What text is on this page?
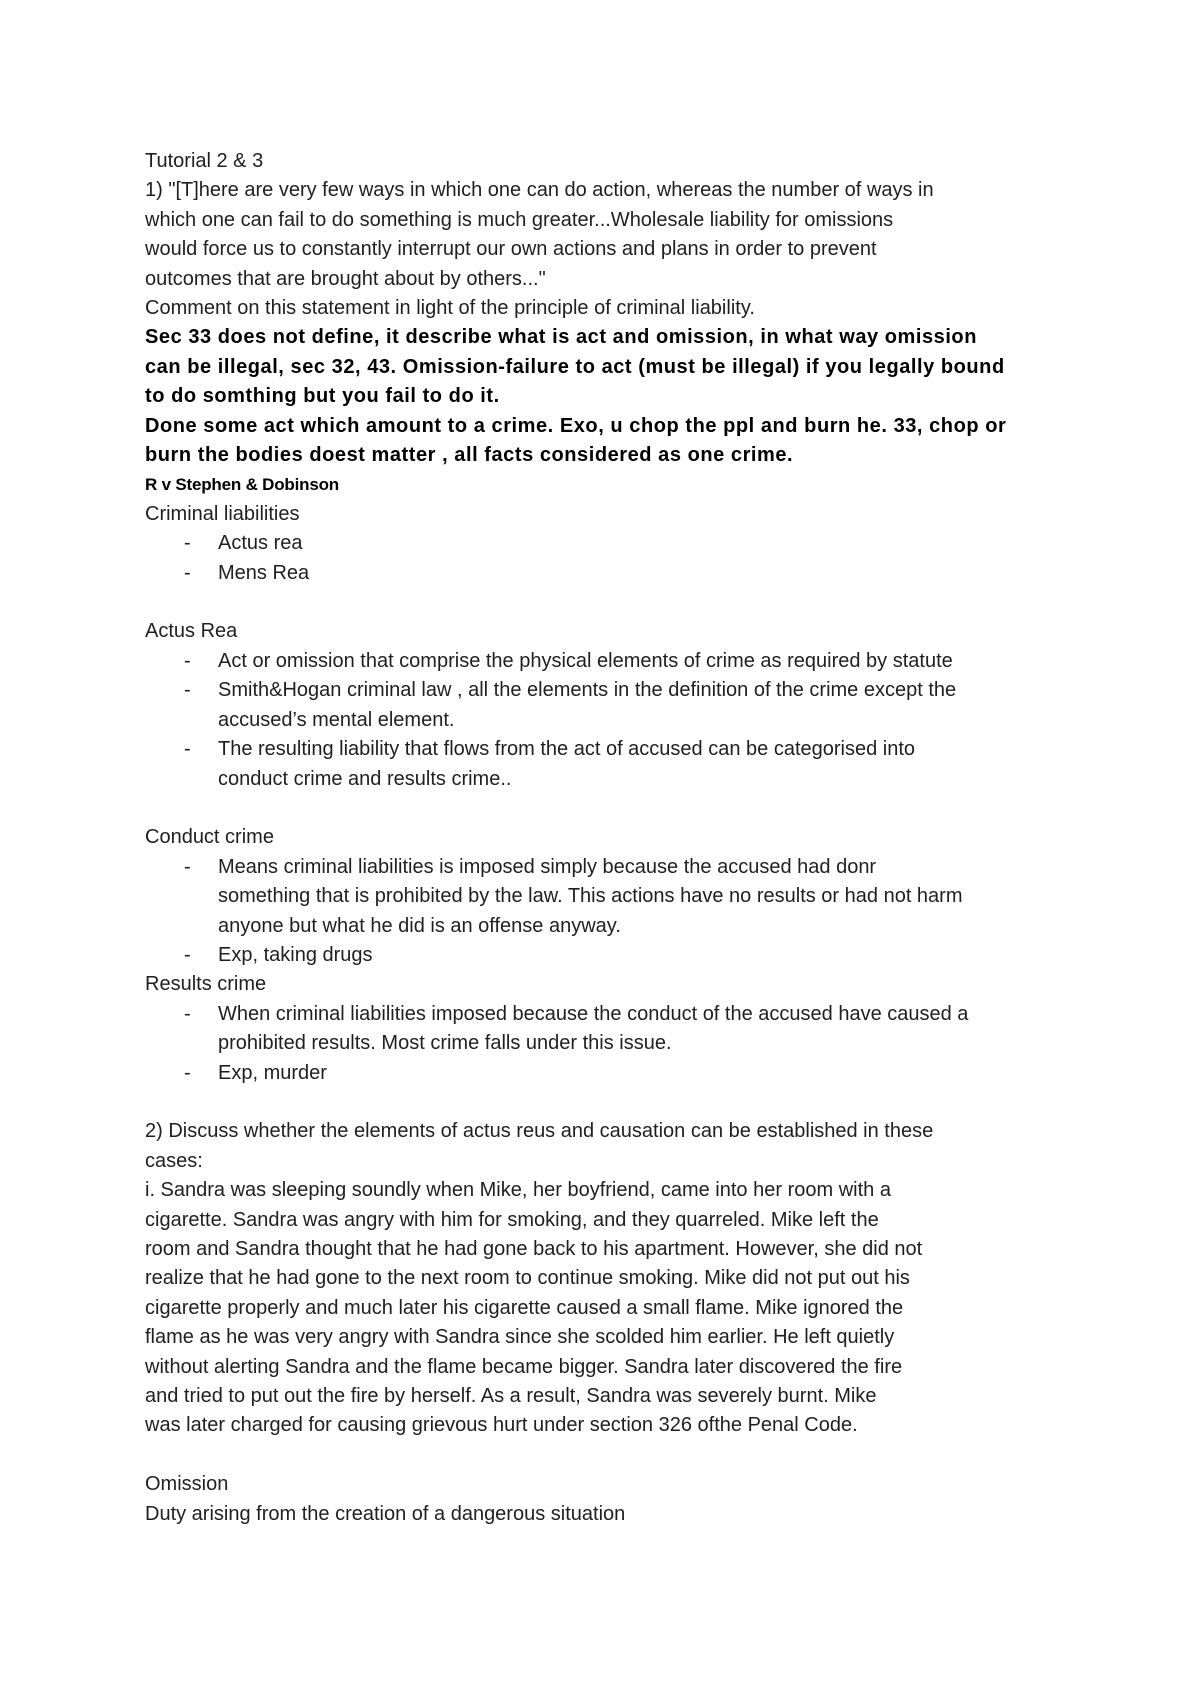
Tutorial 2 & 3

1) "[T]here are very few ways in which one can do action, whereas the number of ways in

which one can fail to do something is much greater...Wholesale liability for omissions

would force us to constantly interrupt our own actions and plans in order to prevent

outcomes that are brought about by others..."

Comment on this statement in light of the principle of criminal liability.

Sec 33 does not define, it describe what is act and omission, in what way omission

can be illegal, sec 32, 43. Omission-failure to act (must be illegal) if you legally bound

to do somthing but you fail to do it.

Done some act which amount to a crime. Exo, u chop the ppl and burn he. 33, chop or

burn the bodies doest matter , all facts considered as one crime.

R v Stephen & Dobinson

Criminal liabilities

- Actus rea
- Mens Rea

Actus Rea

- Act or omission that comprise the physical elements of crime as required by statute
- Smith&Hogan criminal law , all the elements in the definition of the crime except the
accused’s mental element.
- The resulting liability that flows from the act of accused can be categorised into
conduct crime and results crime..

Conduct crime

- Means criminal liabilities is imposed simply because the accused had donr
something that is prohibited by the law. This actions have no results or had not harm
anyone but what he did is an offense anyway.
- Exp, taking drugs

Results crime

- When criminal liabilities imposed because the conduct of the accused have caused a
prohibited results. Most crime falls under this issue.
- Exp, murder

2) Discuss whether the elements of actus reus and causation can be established in these

cases:

i. Sandra was sleeping soundly when Mike, her boyfriend, came into her room with a

cigarette. Sandra was angry with him for smoking, and they quarreled. Mike left the

room and Sandra thought that he had gone back to his apartment. However, she did not

realize that he had gone to the next room to continue smoking. Mike did not put out his

cigarette properly and much later his cigarette caused a small flame. Mike ignored the

flame as he was very angry with Sandra since she scolded him earlier. He left quietly

without alerting Sandra and the flame became bigger. Sandra later discovered the fire

and tried to put out the fire by herself. As a result, Sandra was severely burnt. Mike

was later charged for causing grievous hurt under section 326 ofthe Penal Code.

Omission

Duty arising from the creation of a dangerous situation
